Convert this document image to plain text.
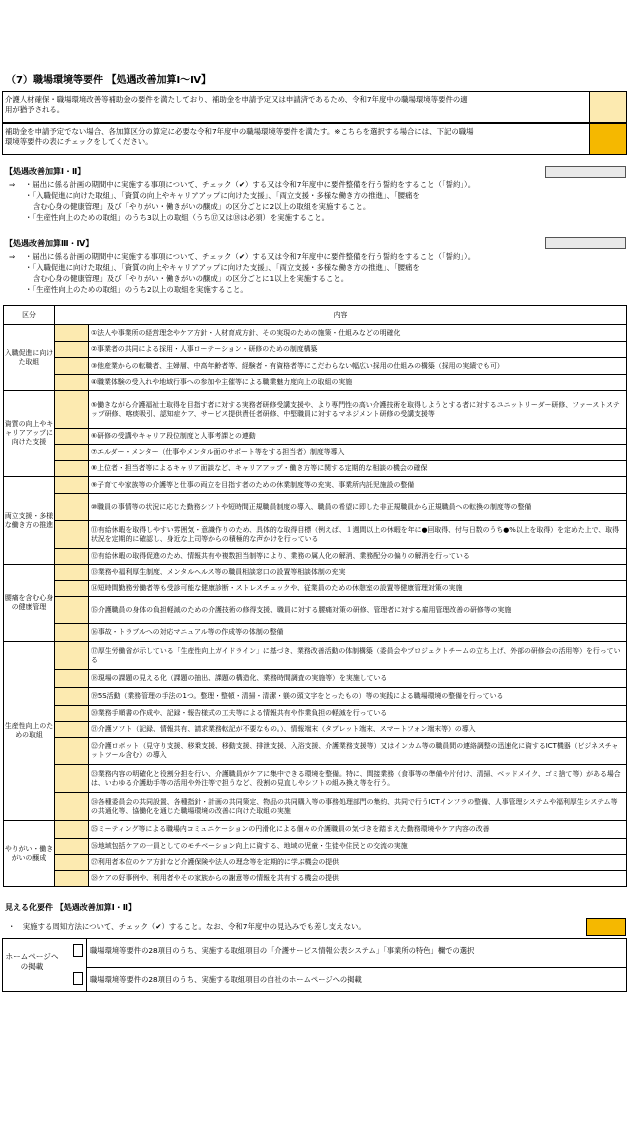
（7）職場環境等要件 【処遇改善加算Ⅰ～Ⅳ】
介護人材確保・職場環境改善等補助金の要件を満たしており、補助金を申請予定又は申請済であるため、令和7年度中の職場環境等要件の適用が猶予される。
補助金を申請予定でない場合、各加算区分の算定に必要な令和7年度中の職場環境等要件を満たす。※こちらを選択する場合には、下記の職場環境等要件の表にチェックをしてください。
【処遇改善加算Ⅰ・Ⅱ】
⇒ ・届出に係る計画の期間中に実施する事項について、チェック（✔）する又は令和7年度中に要件整備を行う誓約をすること（「誓約」）。
・「入職促進に向けた取組」、「資質の向上やキャリアアップに向けた支援」、「両立支援・多様な働き方の推進」、「腰痛を
含む心身の健康管理」及び「やりがい・働きがいの醸成」の区分ごとに2以上の取組を実施すること。
・「生産性向上のための取組」のうち3以上の取組（うち⑰又は⑱は必須）を実施すること。
【処遇改善加算Ⅲ・Ⅳ】
⇒ ・届出に係る計画の期間中に実施する事項について、チェック（✔）する又は令和7年度中に要件整備を行う誓約をすること（「誓約」）。
・「入職促進に向けた取組」、「資質の向上やキャリアアップに向けた支援」、「両立支援・多様な働き方の推進」、「腰痛を
含む心身の健康管理」及び「やりがい・働きがいの醸成」の区分ごとに1以上を実施すること。
・「生産性向上のための取組」のうち2以上の取組を実施すること。
区分	内容	
入職促進に向けた取組		①法人や事業所の経営理念やケア方針・人材育成方針、その実現のための施策・仕組みなどの明確化
		②事業者の共同による採用・人事ローテーション・研修のための制度構築
		③他産業からの転職者、主婦層、中高年齢者等、経験者・有資格者等にこだわらない幅広い採用の仕組みの構築（採用の実績でも可）
		④職業体験の受入れや地域行事への参加や主催等による職業魅力度向上の取組の実施
資質の向上やキャリアアップに向けた支援		⑤働きながら介護福祉士取得を目指す者に対する実務者研修受講支援や、より専門性の高い介護技術を取得しようとする者に対するユニットリーダー研修、ファーストステップ研修、喀痰吸引、認知症ケア、サービス提供責任者研修、中堅職員に対するマネジメント研修の受講支援等
		⑥研修の受講やキャリア段位制度と人事考課との連動
		⑦エルダー・メンター（仕事やメンタル面のサポート等をする担当者）制度等導入
		⑧上位者・担当者等によるキャリア面談など、キャリアアップ・働き方等に関する定期的な相談の機会の確保
両立支援・多様な働き方の推進		⑨子育てや家族等の介護等と仕事の両立を目指す者のための休業制度等の充実、事業所内託児施設の整備
		⑩職員の事情等の状況に応じた勤務シフトや短時間正規職員制度の導入、職員の希望に即した非正規職員から正規職員への転換の制度等の整備
		⑪有給休暇を取得しやすい雰囲気・意識作りのため、具体的な取得目標（例えば、１週間以上の休暇を年に●回取得、付与日数のうち●%以上を取得）を定めた上で、取得状況を定期的に確認し、身近な上司等からの積極的な声かけを行っている
		⑫有給休暇の取得促進のため、情報共有や複数担当制等により、業務の属人化の解消、業務配分の偏りの解消を行っている
腰痛を含む心身の健康管理		⑬業務や福利厚生制度、メンタルヘルス等の職員相談窓口の設置等相談体制の充実
		⑭短時間勤務労働者等も受診可能な健康診断・ストレスチェックや、従業員のための休憩室の設置等健康管理対策の実施
		⑮介護職員の身体の負担軽減のための介護技術の修得支援、職員に対する腰痛対策の研修、管理者に対する雇用管理改善の研修等の実施
		⑯事故・トラブルへの対応マニュアル等の作成等の体制の整備
生産性向上のための取組		⑰厚生労働省が示している「生産性向上ガイドライン」に基づき、業務改善活動の体制構築（委員会やプロジェクトチームの立ち上げ、外部の研修会の活用等）を行っている
		⑱現場の課題の見える化（課題の抽出、課題の構造化、業務時間調査の実施等）を実施している
		⑲5S活動（業務管理の手法の1つ。整理・整頓・清掃・清潔・躾の頭文字をとったもの）等の実践による職場環境の整備を行っている
		⑳業務手順書の作成や、記録・報告様式の工夫等による情報共有や作業負担の軽減を行っている
		㉑介護ソフト（記録、情報共有、請求業務転記が不要なもの。）、情報端末（タブレット端末、スマートフォン端末等）の導入
		㉒介護ロボット（見守り支援、移乗支援、移動支援、排泄支援、入浴支援、介護業務支援等）又はインカム等の職員間の連絡調整の迅速化に資するICT機器（ビジネスチャットツール含む）の導入
		㉓業務内容の明確化と役割分担を行い、介護職員がケアに集中できる環境を整備。特に、間接業務（食事等の準備や片付け、清掃、ベッドメイク、ゴミ捨て等）がある場合は、いわゆる介護助手等の活用や外注等で担うなど、役割の見直しやシフトの組み換え等を行う。
		㉔各種委員会の共同設置、各種指針・計画の共同策定、物品の共同購入等の事務処理部門の集約、共同で行うICTインフラの整備、人事管理システムや福利厚生システム等の共通化等、協働化を通じた職場環境の改善に向けた取組の実施
やりがい・働きがいの醸成		㉕ミーティング等による職場内コミュニケーションの円滑化による個々の介護職員の気づきを踏まえた勤務環境やケア内容の改善
		㉖地域包括ケアの一員としてのモチベーション向上に資する、地域の児童・生徒や住民との交流の実施
		㉗利用者本位のケア方針など介護保険や法人の理念等を定期的に学ぶ機会の提供
		㉘ケアの好事例や、利用者やその家族からの謝意等の情報を共有する機会の提供
見える化要件 【処遇改善加算Ⅰ・Ⅱ】
・　実施する周知方法について、チェック（✔）すること。なお、令和7年度中の見込みでも差し支えない。
ホームページへの掲載
職場環境等要件の28項目のうち、実施する取組項目の「介護サービス情報公表システム」「事業所の特色」欄での選択
職場環境等要件の28項目のうち、実施する取組項目の自社のホームページへの掲載
